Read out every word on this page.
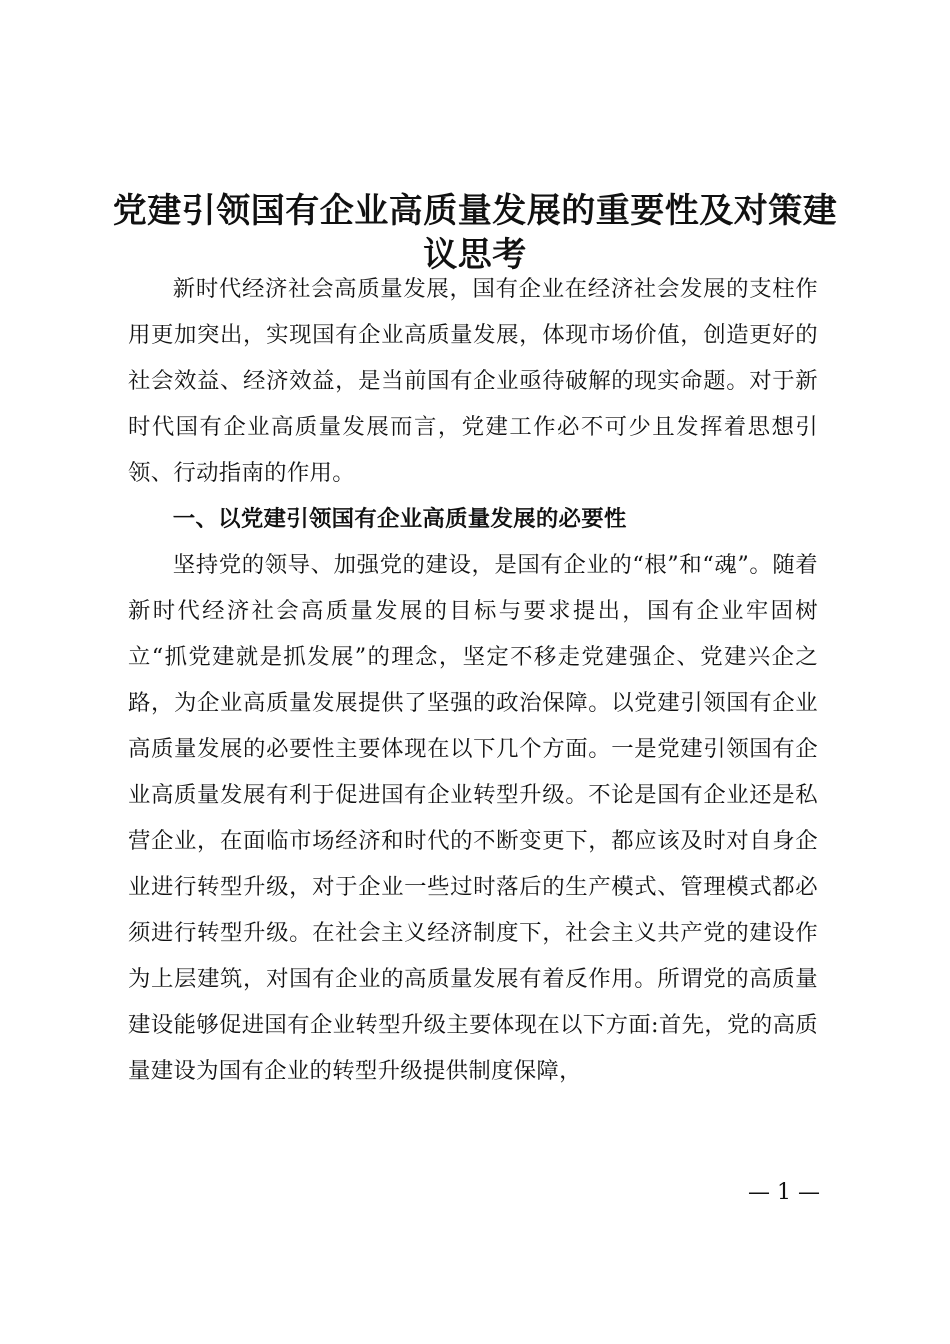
党建引领国有企业高质量发展的重要性及对策建议思考

新时代经济社会高质量发展，国有企业在经济社会发展的支柱作用更加突出，实现国有企业高质量发展，体现市场价值，创造更好的社会效益、经济效益，是当前国有企业亟待破解的现实命题。对于新时代国有企业高质量发展而言，党建工作必不可少且发挥着思想引领、行动指南的作用。

一、以党建引领国有企业高质量发展的必要性

坚持党的领导、加强党的建设，是国有企业的“根”和“魂”。随着新时代经济社会高质量发展的目标与要求提出，国有企业牢固树立“抓党建就是抓发展”的理念，坚定不移走党建强企、党建兴企之路，为企业高质量发展提供了坚强的政治保障。以党建引领国有企业高质量发展的必要性主要体现在以下几个方面。一是党建引领国有企业高质量发展有利于促进国有企业转型升级。不论是国有企业还是私营企业，在面临市场经济和时代的不断变更下，都应该及时对自身企业进行转型升级，对于企业一些过时落后的生产模式、管理模式都必须进行转型升级。在社会主义经济制度下，社会主义共产党的建设作为上层建筑，对国有企业的高质量发展有着反作用。所谓党的高质量建设能够促进国有企业转型升级主要体现在以下方面:首先，党的高质量建设为国有企业的转型升级提供制度保障，

— 1 —
